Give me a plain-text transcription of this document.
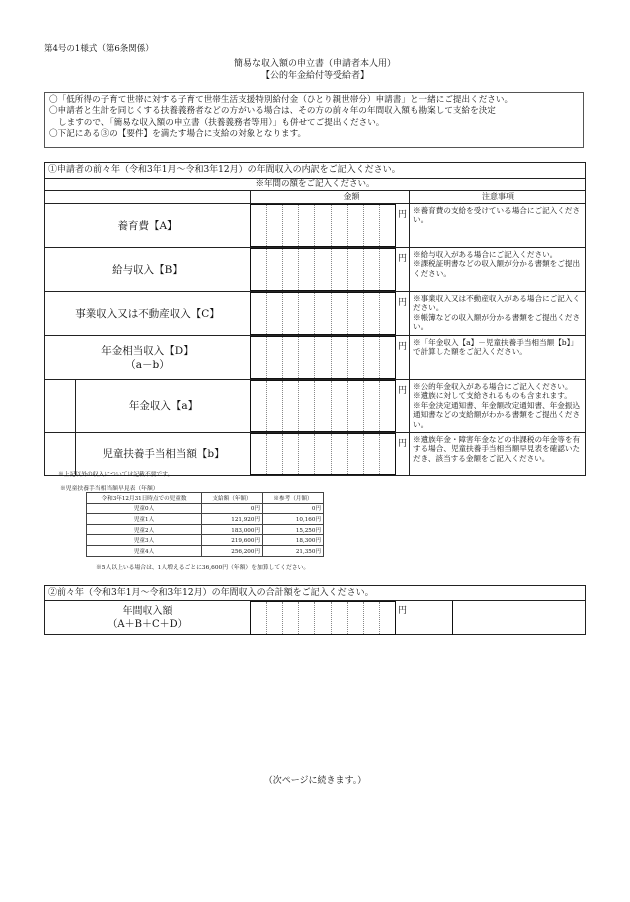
第4号の1様式（第6条関係）
簡易な収入額の申立書（申請者本人用）
【公的年金給付等受給者】

〇「低所得の子育て世帯に対する子育て世帯生活支援特別給付金（ひとり親世帯分）申請書」と一緒にご提出ください。

〇申請者と生計を同じくする扶養義務者などの方がいる場合は、その方の前々年の年間収入額も勘案して支給を決定

しますので、「簡易な収入額の申立書（扶養義務者等用）」も併せてご提出ください。

〇下記にある③の【要件】を満たす場合に支給の対象となります。

①申請者の前々年（令和3年1月～令和3年12月）の年間収入の内訳をご記入ください。
※年間の額をご記入ください。
金額	注意事項
養育費【A】
円 ※養育費の支給を受けている場合にご記入ください。

給与収入【B】
円 ※給与収入がある場合にご記入ください。

※課税証明書などの収入額が分かる書類をご提出ください。

事業収入又は不動産収入【C】
円 ※事業収入又は不動産収入がある場合にご記入ください。

※帳簿などの収入額が分かる書類をご提出ください。

年金相当収入【D】
（a－b）
円 ※「年金収入【a】－児童扶養手当相当額【b】」で計算した額をご記入ください。

年金収入【a】
円 ※公的年金収入がある場合にご記入ください。

※遺族に対して支給されるものも含まれます。

※年金決定通知書、年金額改定通知書、年金振込通知書などの支給額がわかる書類をご提出ください。

児童扶養手当相当額【b】
円 ※遺族年金・障害年金などの非課税の年金等を有する場合、児童扶養手当相当額早見表を確認いただき、該当する金額をご記入ください。

※上記以外の収入については記載不要です。
※児童扶養手当相当額早見表（年額）
令和3年12月31日時点での児童数	支給額（年額）	※参考（月額）
児童0人	0円	0円
児童1人	121,920円	10,160円
児童2人	183,000円	15,250円
児童3人	219,600円	18,300円
児童4人	256,200円	21,350円
※5人以上いる場合は、1人増えるごとに36,600円（年額）を加算してください。
②前々年（令和3年1月～令和3年12月）の年間収入の合計額をご記入ください。
年間収入額
（A＋B＋C＋D）
円
（次ページに続きます。）
